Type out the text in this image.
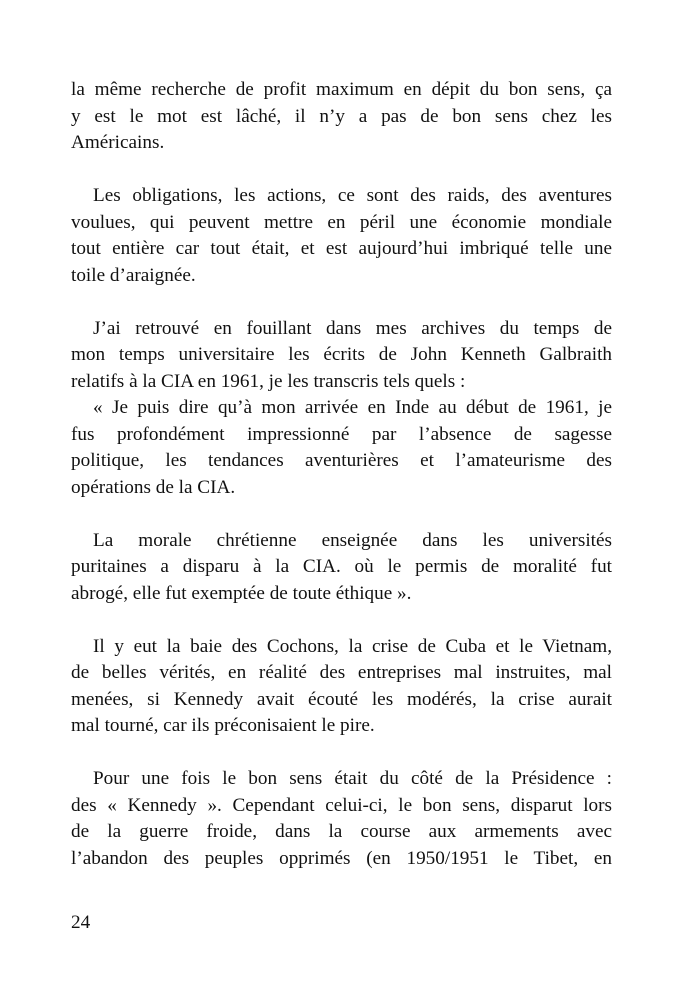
la même recherche de profit maximum en dépit du bon sens, ça
y est le mot est lâché, il n’y a pas de bon sens chez les
Américains.
Les obligations, les actions, ce sont des raids, des aventures
voulues, qui peuvent mettre en péril une économie mondiale
tout entière car tout était, et est aujourd’hui imbriqué telle une
toile d’araignée.
J’ai retrouvé en fouillant dans mes archives du temps de
mon temps universitaire les écrits de John Kenneth Galbraith
relatifs à la CIA en 1961, je les transcris tels quels :
« Je puis dire qu’à mon arrivée en Inde au début de 1961, je
fus profondément impressionné par l’absence de sagesse
politique, les tendances aventurières et l’amateurisme des
opérations de la CIA.
La morale chrétienne enseignée dans les universités
puritaines a disparu à la CIA. où le permis de moralité fut
abrogé, elle fut exemptée de toute éthique ».
Il y eut la baie des Cochons, la crise de Cuba et le Vietnam,
de belles vérités, en réalité des entreprises mal instruites, mal
menées, si Kennedy avait écouté les modérés, la crise aurait
mal tourné, car ils préconisaient le pire.
Pour une fois le bon sens était du côté de la Présidence :
des « Kennedy ». Cependant celui-ci, le bon sens, disparut lors
de la guerre froide, dans la course aux armements avec
l’abandon des peuples opprimés (en 1950/1951 le Tibet, en
24
